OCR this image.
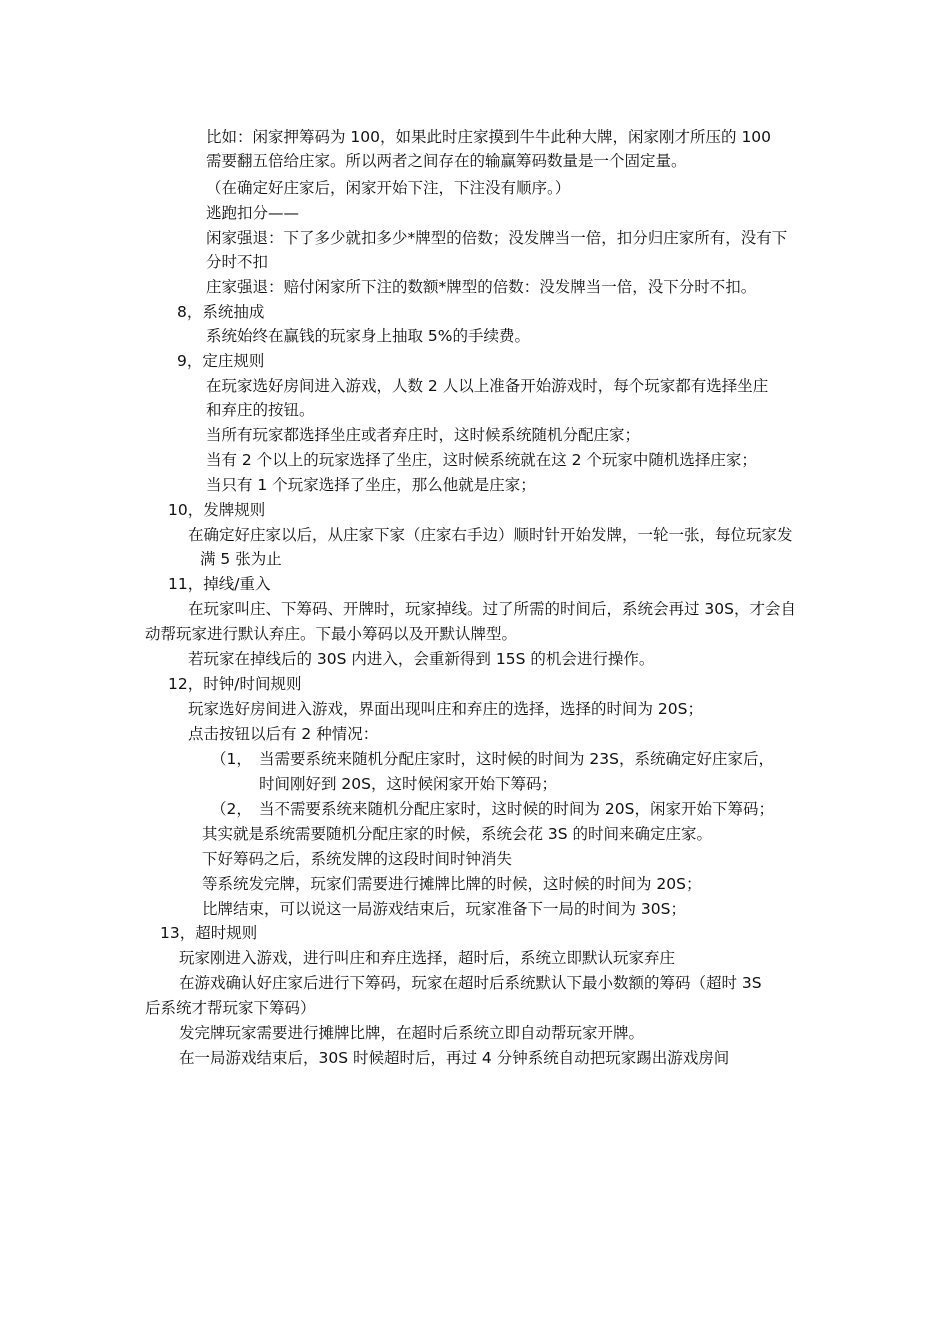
比如：闲家押筹码为 100，如果此时庄家摸到牛牛此种大牌，闲家刚才所压的 100
需要翻五倍给庄家。所以两者之间存在的输赢筹码数量是一个固定量。
（在确定好庄家后，闲家开始下注，下注没有顺序。）
逃跑扣分——
闲家强退：下了多少就扣多少*牌型的倍数；没发牌当一倍，扣分归庄家所有，没有下
分时不扣
庄家强退：赔付闲家所下注的数额*牌型的倍数：没发牌当一倍，没下分时不扣。
8，系统抽成
系统始终在赢钱的玩家身上抽取 5%的手续费。
9，定庄规则
在玩家选好房间进入游戏，人数 2 人以上准备开始游戏时，每个玩家都有选择坐庄
和弃庄的按钮。
当所有玩家都选择坐庄或者弃庄时，这时候系统随机分配庄家；
当有 2 个以上的玩家选择了坐庄，这时候系统就在这 2 个玩家中随机选择庄家；
当只有 1 个玩家选择了坐庄，那么他就是庄家；
10，发牌规则
在确定好庄家以后，从庄家下家（庄家右手边）顺时针开始发牌，一轮一张，每位玩家发
满 5 张为止
11，掉线/重入
在玩家叫庄、下筹码、开牌时，玩家掉线。过了所需的时间后，系统会再过 30S，才会自
动帮玩家进行默认弃庄。下最小筹码以及开默认牌型。
若玩家在掉线后的 30S 内进入，会重新得到 15S 的机会进行操作。
12，时钟/时间规则
玩家选好房间进入游戏，界面出现叫庄和弃庄的选择，选择的时间为 20S；
点击按钮以后有 2 种情况：
（1， 当需要系统来随机分配庄家时，这时候的时间为 23S，系统确定好庄家后，
时间刚好到 20S，这时候闲家开始下筹码；
（2， 当不需要系统来随机分配庄家时，这时候的时间为 20S，闲家开始下筹码；
其实就是系统需要随机分配庄家的时候，系统会花 3S 的时间来确定庄家。
下好筹码之后，系统发牌的这段时间时钟消失
等系统发完牌，玩家们需要进行摊牌比牌的时候，这时候的时间为 20S；
比牌结束，可以说这一局游戏结束后，玩家准备下一局的时间为 30S；
13，超时规则
玩家刚进入游戏，进行叫庄和弃庄选择，超时后，系统立即默认玩家弃庄
在游戏确认好庄家后进行下筹码，玩家在超时后系统默认下最小数额的筹码（超时 3S
后系统才帮玩家下筹码）
发完牌玩家需要进行摊牌比牌，在超时后系统立即自动帮玩家开牌。
在一局游戏结束后，30S 时候超时后，再过 4 分钟系统自动把玩家踢出游戏房间
